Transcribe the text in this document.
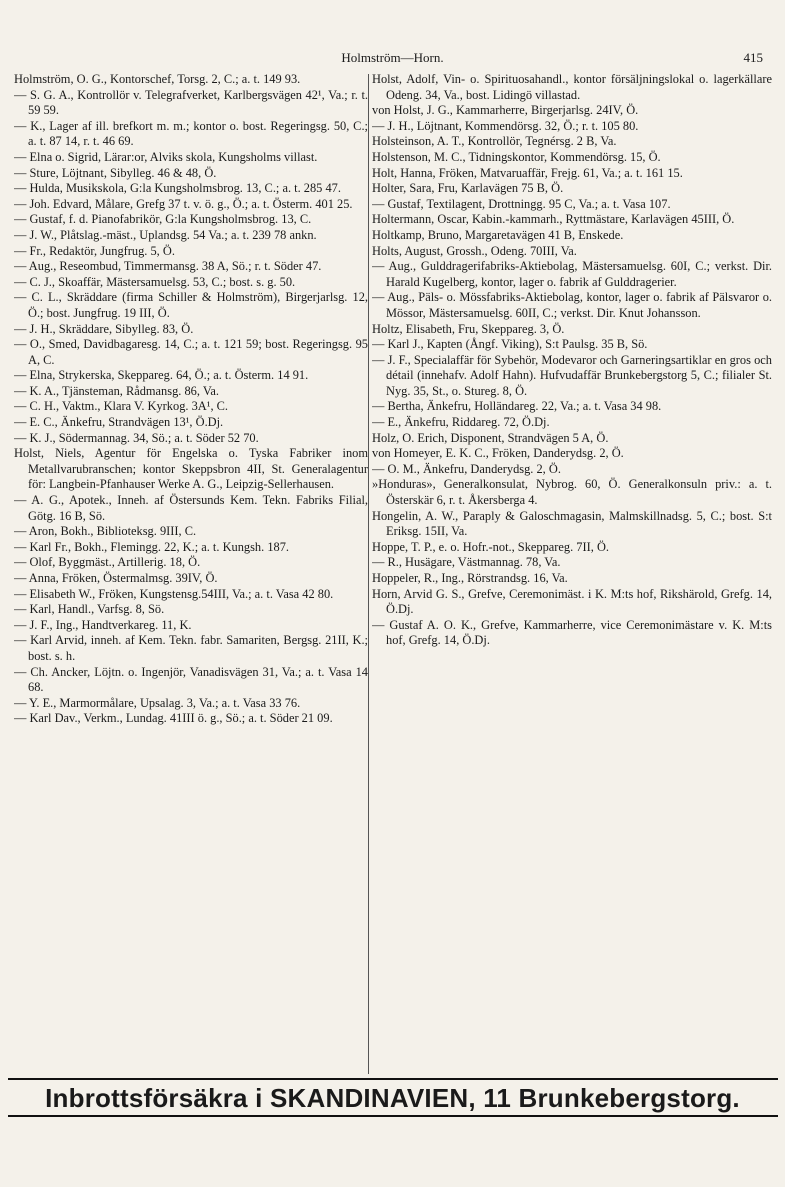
Holmström—Horn.	415

Holmström, O. G., Kontorschef, Torsg. 2, C.; a. t. 149 93.

— S. G. A., Kontrollör v. Telegrafverket, Karlbergsvägen 42¹, Va.; r. t. 59 59.

— K., Lager af ill. brefkort m. m.; kontor o. bost. Regeringsg. 50, C.; a. t. 87 14, r. t. 46 69.

— Elna o. Sigrid, Lärar:or, Alviks skola, Kungsholms villast.

— Sture, Löjtnant, Sibylleg. 46 & 48, Ö.

— Hulda, Musikskola, G:la Kungsholmsbrog. 13, C.; a. t. 285 47.

— Joh. Edvard, Målare, Grefg 37 t. v. ö. g., Ö.; a. t. Österm. 401 25.

— Gustaf, f. d. Pianofabrikör, G:la Kungsholmsbrog. 13, C.

— J. W., Plåtslag.-mäst., Uplandsg. 54 Va.; a. t. 239 78 ankn.

— Fr., Redaktör, Jungfrug. 5, Ö.

— Aug., Reseombud, Timmermansg. 38 A, Sö.; r. t. Söder 47.

— C. J., Skoaffär, Mästersamuelsg. 53, C.; bost. s. g. 50.

— C. L., Skräddare (firma Schiller & Holmström), Birgerjarlsg. 12, Ö.; bost. Jungfrug. 19 III, Ö.

— J. H., Skräddare, Sibylleg. 83, Ö.

— O., Smed, Davidbagaresg. 14, C.; a. t. 121 59; bost. Regeringsg. 95 A, C.

— Elna, Strykerska, Skeppareg. 64, Ö.; a. t. Österm. 14 91.

— K. A., Tjänsteman, Rådmansg. 86, Va.

— C. H., Vaktm., Klara V. Kyrkog. 3A¹, C.

— E. C., Änkefru, Strandvägen 13¹, Ö.Dj.

— K. J., Södermannag. 34, Sö.; a. t. Söder 52 70.

Holst, Niels, Agentur för Engelska o. Tyska Fabriker inom Metallvarubranschen; kontor Skeppsbron 4II, St. Generalagentur för: Langbein-Pfanhauser Werke A. G., Leipzig-Sellerhausen.

— A. G., Apotek., Inneh. af Östersunds Kem. Tekn. Fabriks Filial, Götg. 16 B, Sö.

— Aron, Bokh., Biblioteksg. 9III, C.

— Karl Fr., Bokh., Flemingg. 22, K.; a. t. Kungsh. 187.

— Olof, Byggmäst., Artillerig. 18, Ö.

— Anna, Fröken, Östermalmsg. 39IV, Ö.

— Elisabeth W., Fröken, Kungstensg.54III, Va.; a. t. Vasa 42 80.

— Karl, Handl., Varfsg. 8, Sö.

— J. F., Ing., Handtverkareg. 11, K.

— Karl Arvid, inneh. af Kem. Tekn. fabr. Samariten, Bergsg. 21II, K.; bost. s. h.

— Ch. Ancker, Löjtn. o. Ingenjör, Vanadisvägen 31, Va.; a. t. Vasa 14 68.

— Y. E., Marmormålare, Upsalag. 3, Va.; a. t. Vasa 33 76.

— Karl Dav., Verkm., Lundag. 41III ö. g., Sö.; a. t. Söder 21 09.

Holst, Adolf, Vin- o. Spirituosahandl., kontor försäljningslokal o. lagerkällare Odeng. 34, Va., bost. Lidingö villastad.

von Holst, J. G., Kammarherre, Birgerjarlsg. 24IV, Ö.

— J. H., Löjtnant, Kommendörsg. 32, Ö.; r. t. 105 80.

Holsteinson, A. T., Kontrollör, Tegnérsg. 2 B, Va.

Holstenson, M. C., Tidningskontor, Kommendörsg. 15, Ö.

Holt, Hanna, Fröken, Matvaruaffär, Frejg. 61, Va.; a. t. 161 15.

Holter, Sara, Fru, Karlavägen 75 B, Ö.

— Gustaf, Textilagent, Drottningg. 95 C, Va.; a. t. Vasa 107.

Holtermann, Oscar, Kabin.-kammarh., Ryttmästare, Karlavägen 45III, Ö.

Holtkamp, Bruno, Margaretavägen 41 B, Enskede.

Holts, August, Grossh., Odeng. 70III, Va.

— Aug., Gulddragerifabriks-Aktiebolag, Mästersamuelsg. 60I, C.; verkst. Dir. Harald Kugelberg, kontor, lager o. fabrik af Gulddragerier.

— Aug., Päls- o. Mössfabriks-Aktiebolag, kontor, lager o. fabrik af Pälsvaror o. Mössor, Mästersamuelsg. 60II, C.; verkst. Dir. Knut Johansson.

Holtz, Elisabeth, Fru, Skeppareg. 3, Ö.

— Karl J., Kapten (Ångf. Viking), S:t Paulsg. 35 B, Sö.

— J. F., Specialaffär för Sybehör, Modevaror och Garneringsartiklar en gros och détail (innehafv. Adolf Hahn). Hufvudaffär Brunkebergstorg 5, C.; filialer St. Nyg. 35, St., o. Stureg. 8, Ö.

— Bertha, Änkefru, Holländareg. 22, Va.; a. t. Vasa 34 98.

— E., Änkefru, Riddareg. 72, Ö.Dj.

Holz, O. Erich, Disponent, Strandvägen 5 A, Ö.

von Homeyer, E. K. C., Fröken, Danderydsg. 2, Ö.

— O. M., Änkefru, Danderydsg. 2, Ö.

»Honduras», Generalkonsulat, Nybrog. 60, Ö. Generalkonsuln priv.: a. t. Österskär 6, r. t. Åkersberga 4.

Hongelin, A. W., Paraply & Galoschmagasin, Malmskillnadsg. 5, C.; bost. S:t Eriksg. 15II, Va.

Hoppe, T. P., e. o. Hofr.-not., Skeppareg. 7II, Ö.

— R., Husägare, Västmannag. 78, Va.

Hoppeler, R., Ing., Rörstrandsg. 16, Va.

Horn, Arvid G. S., Grefve, Ceremonimäst. i K. M:ts hof, Rikshärold, Grefg. 14, Ö.Dj.

— Gustaf A. O. K., Grefve, Kammarherre, vice Ceremonimästare v. K. M:ts hof, Grefg. 14, Ö.Dj.

Inbrottsförsäkra i SKANDINAVIEN, 11 Brunkebergstorg.
